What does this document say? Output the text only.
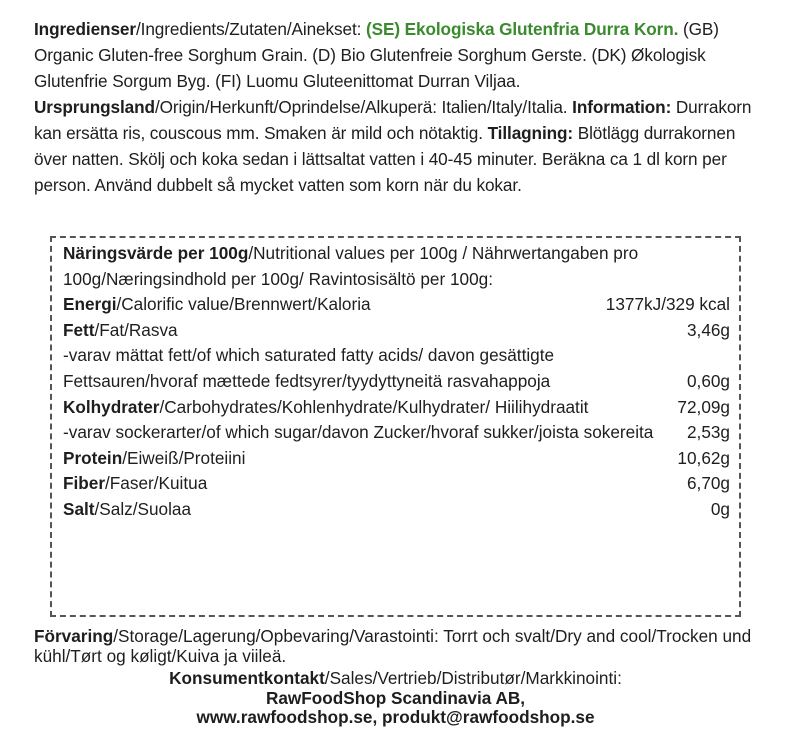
Ingredienser/Ingredients/Zutaten/Ainekset: (SE) Ekologiska Glutenfria Durra Korn. (GB) Organic Gluten-free Sorghum Grain. (D) Bio Glutenfreie Sorghum Gerste. (DK) Økologisk Glutenfrie Sorgum Byg. (FI) Luomu Gluteenittomat Durran Viljaa. Ursprungsland/Origin/Herkunft/Oprindelse/Alkuperä: Italien/Italy/Italia. Information: Durrakorn kan ersätta ris, couscous mm. Smaken är mild och nötaktig. Tillagning: Blötlägg durrakornen över natten. Skölj och koka sedan i lättsaltat vatten i 40-45 minuter. Beräkna ca 1 dl korn per person. Använd dubbelt så mycket vatten som korn när du kokar.
Näringsvärde per 100g/Nutritional values per 100g / Nährwertangaben pro 100g/Næringsindhold per 100g/ Ravintosisältö per 100g:
Energi/Calorific value/Brennwert/Kaloria	1377kJ/329 kcal
Fett/Fat/Rasva	3,46g
-varav mättat fett/of which saturated fatty acids/ davon gesättigte Fettsauren/hvoraf mættede fedtsyrer/tyydyttyneitä rasvahappoja	0,60g
Kolhydrater/Carbohydrates/Kohlenhydrate/Kulhydrater/ Hiilihydraatit	72,09g
-varav sockerarter/of which sugar/davon Zucker/hvoraf sukker/joista sokereita	2,53g
Protein/Eiweiß/Proteiini	10,62g
Fiber/Faser/Kuitua	6,70g
Salt/Salz/Suolaa	0g
Förvaring/Storage/Lagerung/Opbevaring/Varastointi: Torrt och svalt/Dry and cool/Trocken und kühl/Tørt og køligt/Kuiva ja viileä.
Konsumentkontakt/Sales/Vertrieb/Distributør/Markkinointi:
RawFoodShop Scandinavia AB,
www.rawfoodshop.se, produkt@rawfoodshop.se
